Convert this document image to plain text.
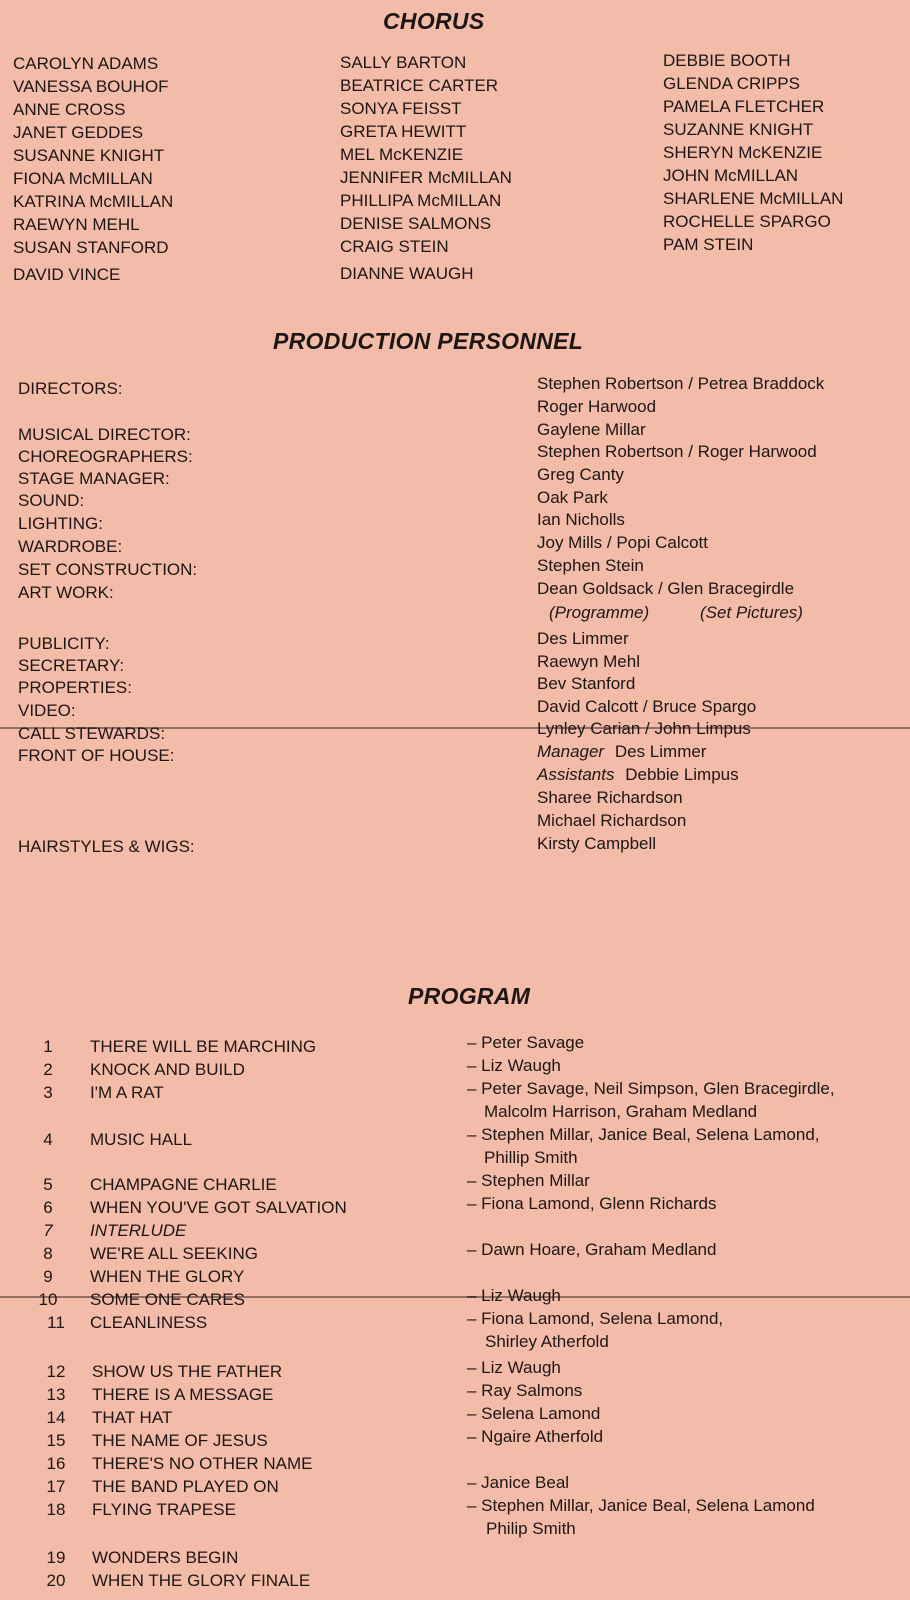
CHORUS
CAROLYN ADAMS
VANESSA BOUHOF
ANNE CROSS
JANET GEDDES
SUSANNE KNIGHT
FIONA McMILLAN
KATRINA McMILLAN
RAEWYN MEHL
SUSAN STANFORD
DAVID VINCE
SALLY BARTON
BEATRICE CARTER
SONYA FEISST
GRETA HEWITT
MEL McKENZIE
JENNIFER McMILLAN
PHILLIPA McMILLAN
DENISE SALMONS
CRAIG STEIN
DIANNE WAUGH
DEBBIE BOOTH
GLENDA CRIPPS
PAMELA FLETCHER
SUZANNE KNIGHT
SHERYN McKENZIE
JOHN McMILLAN
SHARLENE McMILLAN
ROCHELLE SPARGO
PAM STEIN
PRODUCTION PERSONNEL
DIRECTORS:
MUSICAL DIRECTOR:
CHOREOGRAPHERS:
STAGE MANAGER:
SOUND:
LIGHTING:
WARDROBE:
SET CONSTRUCTION:
ART WORK:
PUBLICITY:
SECRETARY:
PROPERTIES:
VIDEO:
CALL STEWARDS:
FRONT OF HOUSE:
HAIRSTYLES & WIGS:
Stephen Robertson / Petrea Braddock
Roger Harwood
Gaylene Millar
Stephen Robertson / Roger Harwood
Greg Canty
Oak Park
Ian Nicholls
Joy Mills / Popi Calcott
Stephen Stein
Dean Goldsack / Glen Bracegirdle
(Programme)	(Set Pictures)
Des Limmer
Raewyn Mehl
Bev Stanford
David Calcott / Bruce Spargo
Lynley Carian / John Limpus
Manager Des Limmer
Assistants Debbie Limpus
Sharee Richardson
Michael Richardson
Kirsty Campbell
PROGRAM
1
2
3
4
5
6
7
8
9
10
11
12
13
14
15
16
17
18
19
20
THERE WILL BE MARCHING
KNOCK AND BUILD
I'M A RAT
MUSIC HALL
CHAMPAGNE CHARLIE
WHEN YOU'VE GOT SALVATION
INTERLUDE
WE'RE ALL SEEKING
WHEN THE GLORY
SOME ONE CARES
CLEANLINESS
SHOW US THE FATHER
THERE IS A MESSAGE
THAT HAT
THE NAME OF JESUS
THERE'S NO OTHER NAME
THE BAND PLAYED ON
FLYING TRAPESE
WONDERS BEGIN
WHEN THE GLORY FINALE
– Peter Savage
– Liz Waugh
– Peter Savage, Neil Simpson, Glen Bracegirdle,
Malcolm Harrison, Graham Medland
– Stephen Millar, Janice Beal, Selena Lamond,
Phillip Smith
– Stephen Millar
– Fiona Lamond, Glenn Richards
– Dawn Hoare, Graham Medland
– Liz Waugh
– Fiona Lamond, Selena Lamond,
Shirley Atherfold
– Liz Waugh
– Ray Salmons
– Selena Lamond
– Ngaire Atherfold
– Janice Beal
– Stephen Millar, Janice Beal, Selena Lamond
Philip Smith
